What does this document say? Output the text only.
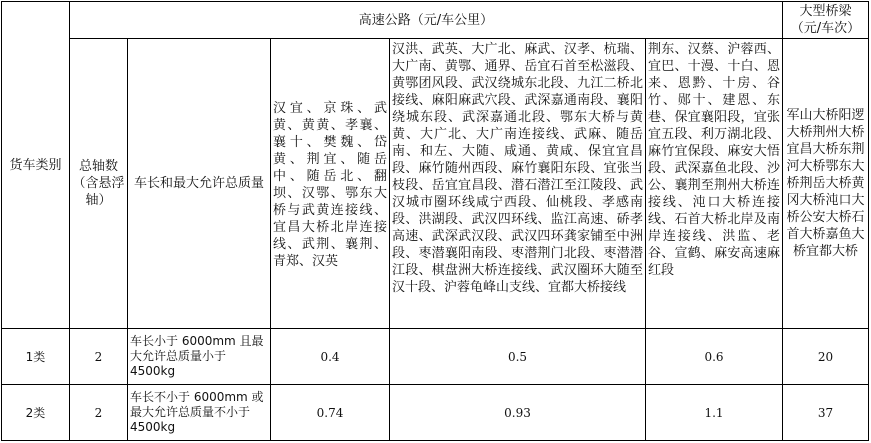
货车类别	高速公路（元/车公里）					大型桥梁（元/车次）
	总轴数（含悬浮轴）	车长和最大允许总质量	汉宜、京珠、武黄、黄黄、孝襄、襄十、樊魏、岱黄、荆宜、随岳中、随岳北、翻坝、汉鄂、鄂东大桥与武黄连接线、宜昌大桥北岸连接线、武荆、襄荆、青郑、汉英	汉洪、武英、大广北、麻武、汉孝、杭瑞、大广南、黄鄂、通界、岳宜石首至松滋段、黄鄂团风段、武汉绕城东北段、九江二桥北接线、麻阳麻武穴段、武深嘉通南段、襄阳绕城东段、武深嘉通北段、鄂东大桥与黄黄、大广北、大广南连接线、武麻、随岳南、和左、大随、咸通、黄咸、保宜宜昌段、麻竹随州西段、麻竹襄阳东段、宜张当枝段、岳宜宜昌段、潜石潜江至江陵段、武汉城市圈环线咸宁西段、仙桃段、孝感南段、洪湖段、武汉四环线、监江高速、硚孝高速、武深武汉段、武汉四环龚家铺至中洲段、枣潜襄阳南段、枣潜荆门北段、枣潜潜江段、棋盘洲大桥连接线、武汉圈环大随至汉十段、沪蓉龟峰山支线、宜都大桥接线	荆东、汉蔡、沪蓉西、宜巴、十漫、十白、恩来、恩黔、十房、谷竹、郧十、建恩、东巷、保宜襄阳段，宜张宜五段、利万湖北段、麻竹宜保段、麻安大悟段、武深嘉鱼北段、沙公、襄荆至荆州大桥连接线、沌口大桥连接线、石首大桥北岸及南岸连接线、洪监、老谷、宣鹤、麻安高速麻红段	军山大桥阳逻大桥荆州大桥宜昌大桥东荆河大桥鄂东大桥荆岳大桥黄冈大桥沌口大桥公安大桥石首大桥嘉鱼大桥宜都大桥
1类	2	车长小于 6000mm 且最大允许总质量小于 4500kg	0.4	0.5	0.6	20
2类	2	车长不小于 6000mm 或最大允许总质量不小于 4500kg	0.74	0.93	1.1	37
